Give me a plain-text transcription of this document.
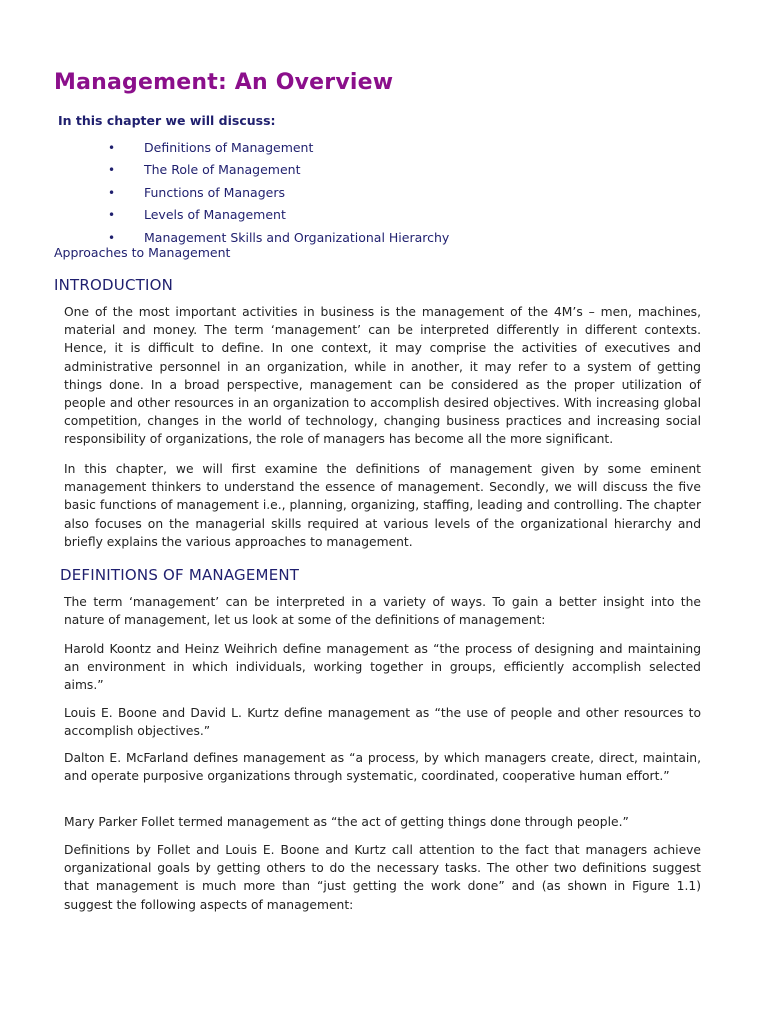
Management: An Overview
In this chapter we will discuss:
• Definitions of Management
• The Role of Management
• Functions of Managers
• Levels of Management
• Management Skills and Organizational Hierarchy
Approaches to Management
INTRODUCTION

One of the most important activities in business is the management of the 4M’s – men, machines, material and money. The term ‘management’ can be interpreted differently in different contexts. Hence, it is difficult to define. In one context, it may comprise the activities of executives and administrative personnel in an organization, while in another, it may refer to a system of getting things done. In a broad perspective, management can be considered as the proper utilization of people and other resources in an organization to accomplish desired objectives. With increasing global competition, changes in the world of technology, changing business practices and increasing social responsibility of organizations, the role of managers has become all the more significant.

In this chapter, we will first examine the definitions of management given by some eminent management thinkers to understand the essence of management. Secondly, we will discuss the five basic functions of management i.e., planning, organizing, staffing, leading and controlling. The chapter also focuses on the managerial skills required at various levels of the organizational hierarchy and briefly explains the various approaches to management.

DEFINITIONS OF MANAGEMENT

The term ‘management’ can be interpreted in a variety of ways. To gain a better insight into the nature of management, let us look at some of the definitions of management:

Harold Koontz and Heinz Weihrich define management as “the process of designing and maintaining an environment in which individuals, working together in groups, efficiently accomplish selected aims.”

Louis E. Boone and David L. Kurtz define management as “the use of people and other resources to accomplish objectives.”

Dalton E. McFarland defines management as “a process, by which managers create, direct, maintain, and operate purposive organizations through systematic, coordinated, cooperative human effort.”

Mary Parker Follet termed management as “the act of getting things done through people.”

Definitions by Follet and Louis E. Boone and Kurtz call attention to the fact that managers achieve organizational goals by getting others to do the necessary tasks. The other two definitions suggest that management is much more than “just getting the work done” and (as shown in Figure 1.1) suggest the following aspects of management:
